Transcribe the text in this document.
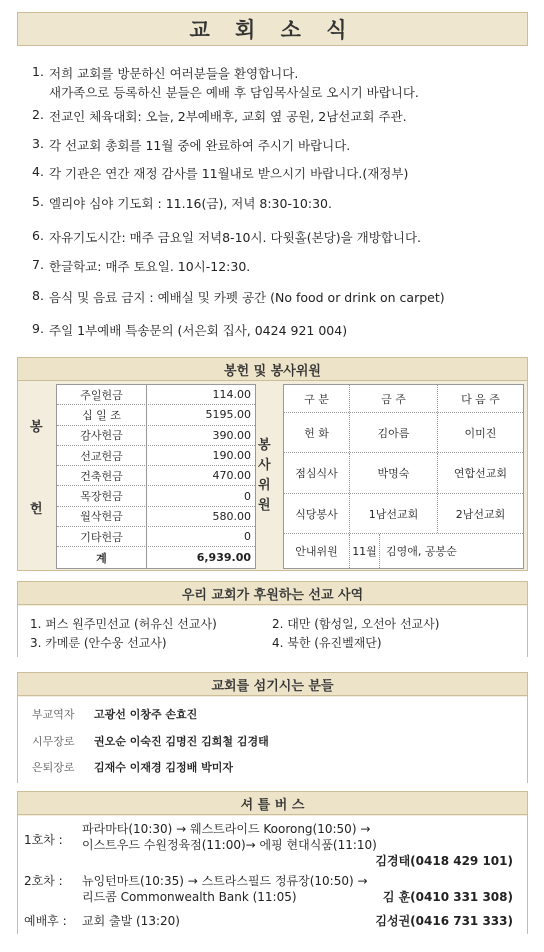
교 회 소 식
1. 저희 교회를 방문하신 여러분들을 환영합니다.
새가족으로 등록하신 분들은 예배 후 담임목사실로 오시기 바랍니다.
2. 전교인 체육대회: 오늘, 2부예배후, 교회 옆 공원, 2남선교회 주관.
3. 각 선교회 총회를 11월 중에 완료하여 주시기 바랍니다.
4. 각 기관은 연간 재정 감사를 11월내로 받으시기 바랍니다.(재정부)
5. 엘리야 심야 기도회 : 11.16(금), 저녁 8:30-10:30.
6. 자유기도시간: 매주 금요일 저녁8-10시. 다윗홀(본당)을 개방합니다.
7. 한글학교: 매주 토요일. 10시-12:30.
8. 음식 및 음료 금지 : 예배실 및 카펫 공간 (No food or drink on carpet)
9. 주일 1부예배 특송문의 (서은회 집사, 0424 921 004)
봉헌 및 봉사위원
봉
헌
주일헌금	114.00
십 일 조	5195.00
감사헌금	390.00
선교헌금	190.00
건축헌금	470.00
목장헌금	0
월삭헌금	580.00
기타헌금	0
계	6,939.00
봉
사
위
원
구 분	금 주	다 음 주
헌 화	김아름	이미진
점심식사	박명숙	연합선교회
식당봉사	1남선교회	2남선교회
안내위원	11월 김영애, 공봉순
우리 교회가 후원하는 선교 사역
1. 퍼스 원주민선교 (허유신 선교사)	2. 대만 (함성일, 오선아 선교사)
3. 카메룬 (안수웅 선교사)	4. 북한 (유진벨재단)
교회를 섬기시는 분들
부교역자	고광선 이창주 손효진
시무장로	권오순 이숙진 김명진 김희철 김경태
은퇴장로	김재수 이재경 김정배 박미자
셔 틀 버 스
1호차 :
파라마타(10:30) → 웨스트라이드 Koorong(10:50) →
이스트우드 수원정육점(11:00)→ 에핑 현대식품(11:10)
김경태(0418 429 101)
2호차 : 뉴잉턴마트(10:35) → 스트라스필드 정류장(10:50) →
리드콤 Commonwealth Bank (11:05)	김 훈(0410 331 308)
예배후 : 교회 출발 (13:20)	김성권(0416 731 333)
